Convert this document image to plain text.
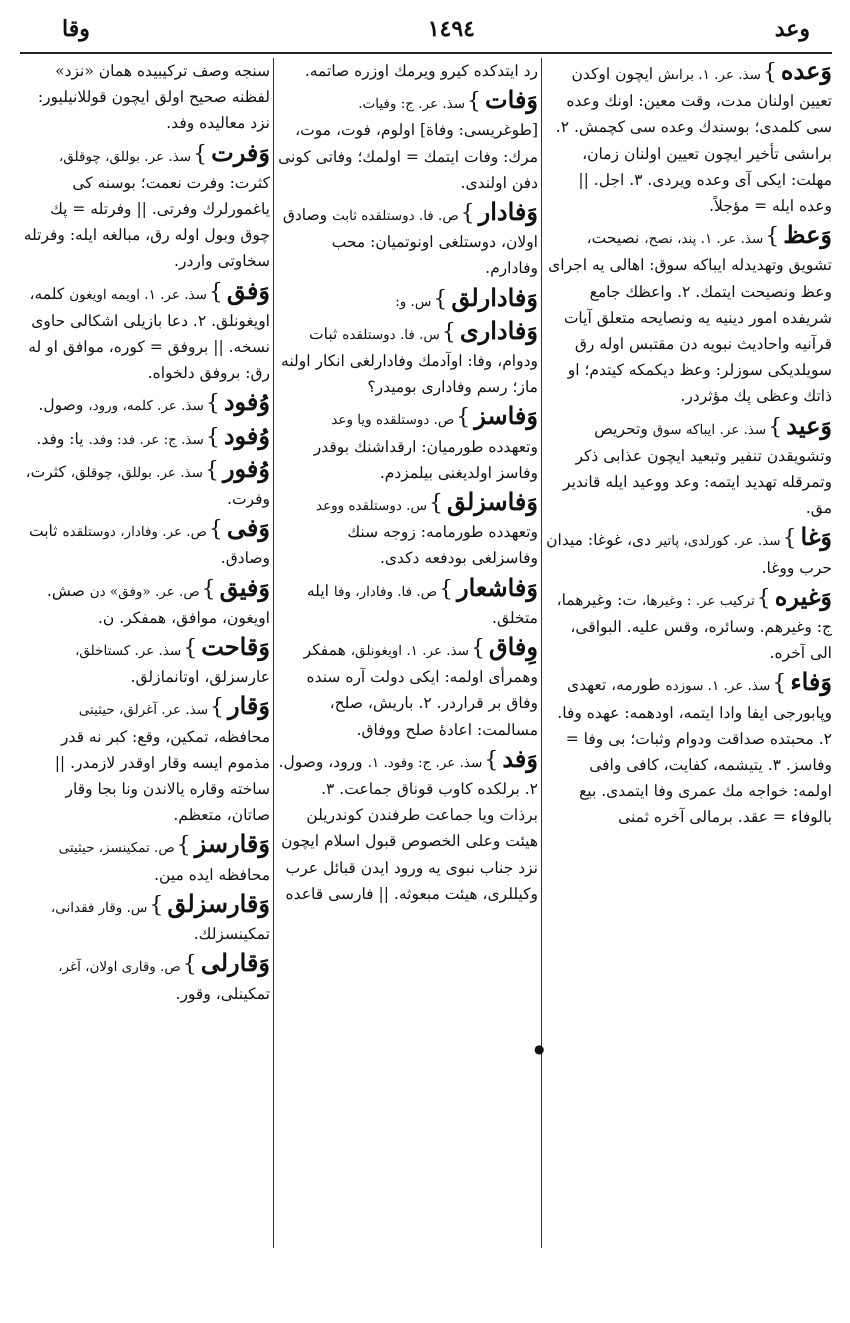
وعد
١٤٩٤
وقا
وَعده}سذ. عر. ١. براىش ايچون اوكدن تعيين اولنان مدت، وقت معين: اونك وعده سى كلمدى؛ بوسندك وعده سى كچمش. ٢. براىشى تأخير ايچون تعيين اولنان زمان، مهلت: ايكى آى وعده ويردى. ٣. اجل. || وعده ايله = مؤجلاً.
وَعظ}سذ. عر. ١. پند، نصح، نصيحت، تشويق وتهديدله ايباكه سوق: اهالى يه اجراى وعظ ونصيحت ايتمك. ٢. واعظك جامع شريفده امور دينيه يه ونصايحه متعلق آيات قرآنيه واحاديث نبويه دن مقتبس اوله رق سويلديكى سوزلر: وعظ ديكمكه كيتدم؛ او ذاتك وعظى پك مؤثردر.
وَعيد}سذ. عر. ايباكه سوق وتحريص وتشويقدن تنفير وتبعيد ايچون عذابى ذكر وتمرقله تهديد ايتمه: وعد ووعيد ايله قاندير مق.
وَغا}سذ. عر. كورلدى، پاتير دى، غوغا: ميدان حرب ووغا.
وَغيره}تركيب عر. : وغيرها، ت: وغيرهما، ج: وغيرهم. وسائره، وقس عليه. البواقى، الى آخره.
وَفاء}سذ. عر. ١. سوزده طورمه، تعهدى وپابورجى ايفا وادا ايتمه، اودهمه: عهده وفا. ٢. محبتده صداقت ودوام وثبات؛ بى وفا = وفاسز. ٣. يتيشمه، كفايت، كافى وافى اولمه: خواجه مك عمرى وفا ايتمدى. بيع بالوفاء = عقد. برمالى آخره ثمنى
رد ايتدكده كيرو ويرمك اوزره صاتمه.
وَفات}سذ. عر. ج: وفيات. [طوغريسى: وفاة] اولوم، فوت، موت، مرك: وفات ايتمك = اولمك؛ وفاتى كونى دفن اولندى.
وَفادار}ص. فا. دوستلقده ثابت وصادق اولان، دوستلغى اونوتميان: محب وفادارم.
وَفادارلق}س. و:
وَفادارى}س. فا. دوستلقده ثبات ودوام، وفا: اوآدمك وفادارلغى انكار اولنه ماز؛ رسم وفادارى بوميدر؟
وَفاسز}ص. دوستلقده ويا وعد وتعهدده طورميان: ارقداشنك بوقدر وفاسز اولديغنى بيلمزدم.
وَفاسزلق}س. دوستلقده ووعد وتعهدده طورمامه: زوجه سنك وفاسزلغى بودفعه دكدى.
وَفاشعار}ص. فا. وفادار، وفا ايله متخلق.
وِفاق}سذ. عر. ١. اويغونلق، همفكر وهمرأى اولمه: ايكى دولت آره سنده وفاق بر قراردر. ٢. باريش، صلح، مسالمت: اعادهٔ صلح ووفاق.
وَفد}سذ. عر. ج: وفود. ١. ورود، وصول. ٢. برلكده كاوب قوناق جماعت. ٣. برذات ويا جماعت طرفندن كوندريلن هيئت وعلى الخصوص قبول اسلام ايچون نزد جناب نبوى يه ورود ايدن قبائل عرب وكيللرى، هيئت مبعوثه. || فارسى قاعده
سنجه وصف تركيبيده همان «نزد» لفظنه صحيح اولق ايچون قوللانيليور: نزد معاليده وفد.
وَفرت}سذ. عر. بوللق، چوقلق، كثرت: وفرت نعمت؛ بوسنه كى ياغمورلرك وفرتى. || وفرتله = پك چوق وبول اوله رق، مبالغه ايله: وفرتله سخاوتى واردر.
وَفق}سذ. عر. ١. اويمه اويغون كلمه، اويغونلق. ٢. دعا بازيلى اشكالى حاوى نسخه. || بروفق = كوره، موافق او له رق: بروفق دلخواه.
وُفود}سذ. عر. كلمه، ورود، وصول.
وُفود}سذ. ج: عر. فد: وفد. يا: وفد.
وُفور}سذ. عر. بوللق، چوقلق، كثرت، وفرت.
وَفى}ص. عر. وفادار، دوستلقده ثابت وصادق.
وَفيق}ص. عر. «وفق» دن صش. اويغون، موافق، همفكر. ن.
وَقاحت}سذ. عر. كستاخلق، عارسزلق، اوتانمازلق.
وَقار}سذ. عر. آغرلق، حيثيتى محافظه، تمكين، وقع: كبر نه قدر مذموم ايسه وقار اوقدر لازمدر. || ساخته وقاره يالاندن ونا بجا وقار صاتان، متعظم.
وَقارسز}ص. تمكينسز، حيثيتى محافظه ايده مين.
وَقارسزلق}س. وقار فقدانى، تمكينسزلك.
وَقارلى}ص. وقارى اولان، آغر، تمكينلى، وقور.
●
